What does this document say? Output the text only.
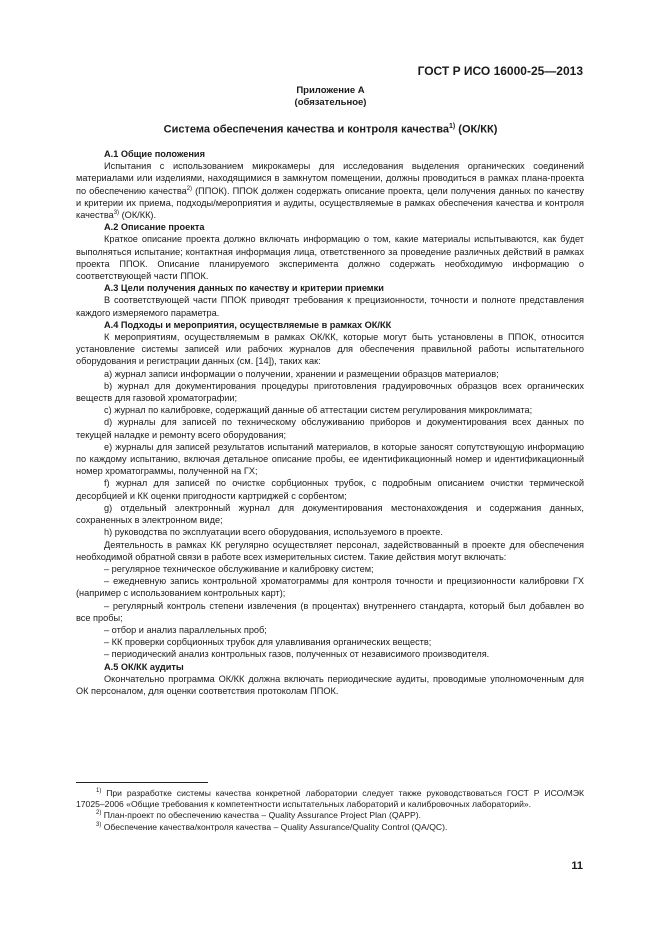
ГОСТ Р ИСО 16000-25—2013
Приложение А
(обязательное)
Система обеспечения качества и контроля качества$^{1)}$ (ОК/КК)
А.1 Общие положения

Испытания с использованием микрокамеры для исследования выделения органических соединений материалами или изделиями, находящимися в замкнутом помещении, должны проводиться в рамках плана-проекта по обеспечению качества$^{2)}$ (ППОК). ППОК должен содержать описание проекта, цели получения данных по качеству и критерии их приема, подходы/мероприятия и аудиты, осуществляемые в рамках обеспечения качества и контроля качества$^{3)}$ (ОК/КК).

А.2 Описание проекта

Краткое описание проекта должно включать информацию о том, какие материалы испытываются, как будет выполняться испытание; контактная информация лица, ответственного за проведение различных действий в рамках проекта ППОК. Описание планируемого эксперимента должно содержать необходимую информацию о соответствующей части ППОК.

А.3 Цели получения данных по качеству и критерии приемки

В соответствующей части ППОК приводят требования к прецизионности, точности и полноте представления каждого измеряемого параметра.

А.4 Подходы и мероприятия, осуществляемые в рамках ОК/КК

К мероприятиям, осуществляемым в рамках ОК/КК, которые могут быть установлены в ППОК, относится установление системы записей или рабочих журналов для обеспечения правильной работы испытательного оборудования и регистрации данных (см. [14]), таких как:

a) журнал записи информации о получении, хранении и размещении образцов материалов;

b) журнал для документирования процедуры приготовления градуировочных образцов всех органических веществ для газовой хроматографии;

c) журнал по калибровке, содержащий данные об аттестации систем регулирования микроклимата;

d) журналы для записей по техническому обслуживанию приборов и документирования всех данных по текущей наладке и ремонту всего оборудования;

e) журналы для записей результатов испытаний материалов, в которые заносят сопутствующую информацию по каждому испытанию, включая детальное описание пробы, ее идентификационный номер и идентификационный номер хроматограммы, полученной на ГХ;

f) журнал для записей по очистке сорбционных трубок, с подробным описанием очистки термической десорбцией и КК оценки пригодности картриджей с сорбентом;

g) отдельный электронный журнал для документирования местонахождения и содержания данных, сохраненных в электронном виде;

h) руководства по эксплуатации всего оборудования, используемого в проекте.

Деятельность в рамках КК регулярно осуществляет персонал, задействованный в проекте для обеспечения необходимой обратной связи в работе всех измерительных систем. Такие действия могут включать:

– регулярное техническое обслуживание и калибровку систем;

– ежедневную запись контрольной хроматограммы для контроля точности и прецизионности калибровки ГХ (например с использованием контрольных карт);

– регулярный контроль степени извлечения (в процентах) внутреннего стандарта, который был добавлен во все пробы;

– отбор и анализ параллельных проб;

– КК проверки сорбционных трубок для улавливания органических веществ;

– периодический анализ контрольных газов, полученных от независимого производителя.

А.5 ОК/КК аудиты

Окончательно программа ОК/КК должна включать периодические аудиты, проводимые уполномоченным для ОК персоналом, для оценки соответствия протоколам ППОК.

$^{1)}$ При разработке системы качества конкретной лаборатории следует также руководствоваться ГОСТ Р ИСО/МЭК 17025–2006 «Общие требования к компетентности испытательных лабораторий и калибровочных лабораторий».

$^{2)}$ План-проект по обеспечению качества – Quality Assurance Project Plan (QAPP).

$^{3)}$ Обеспечение качества/контроля качества – Quality Assurance/Quality Control (QA/QC).

11
